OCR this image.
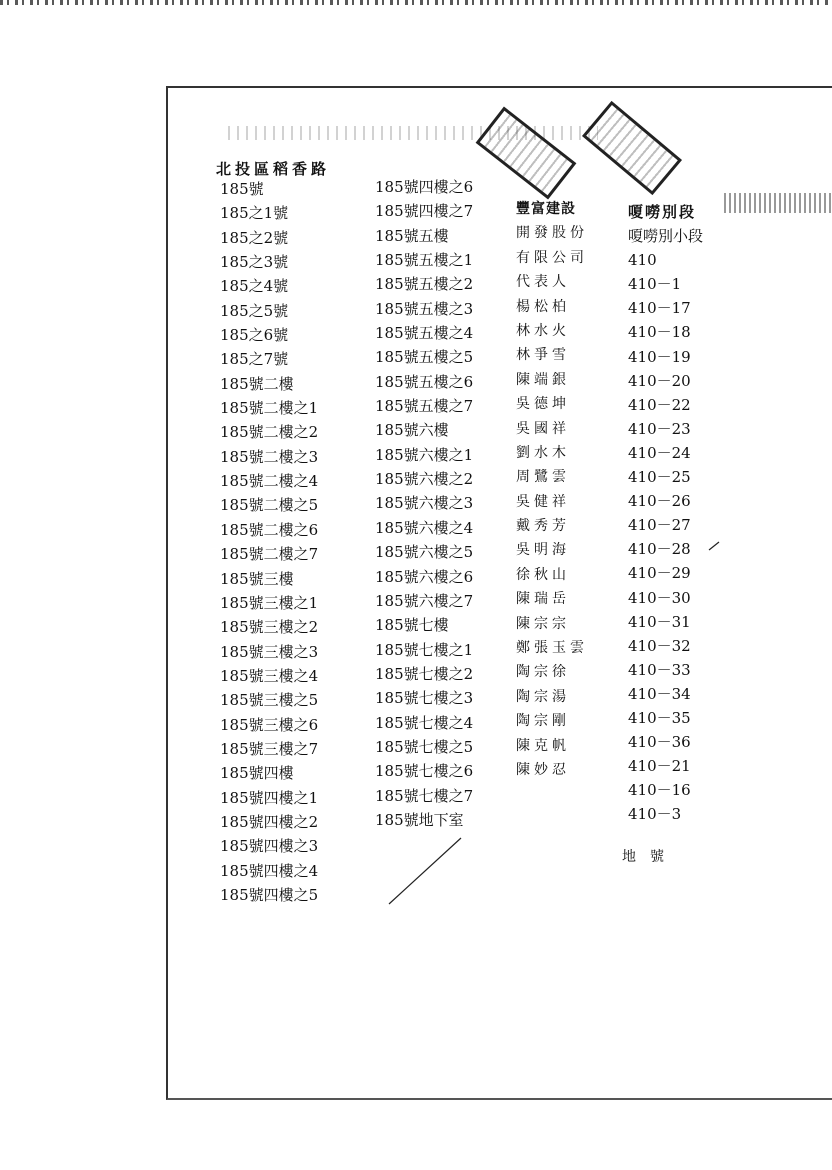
北投區稻香路
185號
185之1號
185之2號
185之3號
185之4號
185之5號
185之6號
185之7號
185號二樓
185號二樓之1
185號二樓之2
185號二樓之3
185號二樓之4
185號二樓之5
185號二樓之6
185號二樓之7
185號三樓
185號三樓之1
185號三樓之2
185號三樓之3
185號三樓之4
185號三樓之5
185號三樓之6
185號三樓之7
185號四樓
185號四樓之1
185號四樓之2
185號四樓之3
185號四樓之4
185號四樓之5
185號四樓之6
185號四樓之7
185號五樓
185號五樓之1
185號五樓之2
185號五樓之3
185號五樓之4
185號五樓之5
185號五樓之6
185號五樓之7
185號六樓
185號六樓之1
185號六樓之2
185號六樓之3
185號六樓之4
185號六樓之5
185號六樓之6
185號六樓之7
185號七樓
185號七樓之1
185號七樓之2
185號七樓之3
185號七樓之4
185號七樓之5
185號七樓之6
185號七樓之7
185號地下室
豐富建設
開發股份
有限公司
代表人
楊松柏
林水火
林爭雪
陳端銀
吳德坤
吳國祥
劉水木
周鷺雲
吳健祥
戴秀芳
吳明海
徐秋山
陳瑞岳
陳宗宗
鄭張玉雲
陶宗徐
陶宗湯
陶宗剛
陳克帆
陳妙忍
嗄嘮別段
嗄嘮別小段
410
410－1
410－17
410－18
410－19
410－20
410－22
410－23
410－24
410－25
410－26
410－27
410－28
410－29
410－30
410－31
410－32
410－33
410－34
410－35
410－36
410－21
410－16
410－3
地號
